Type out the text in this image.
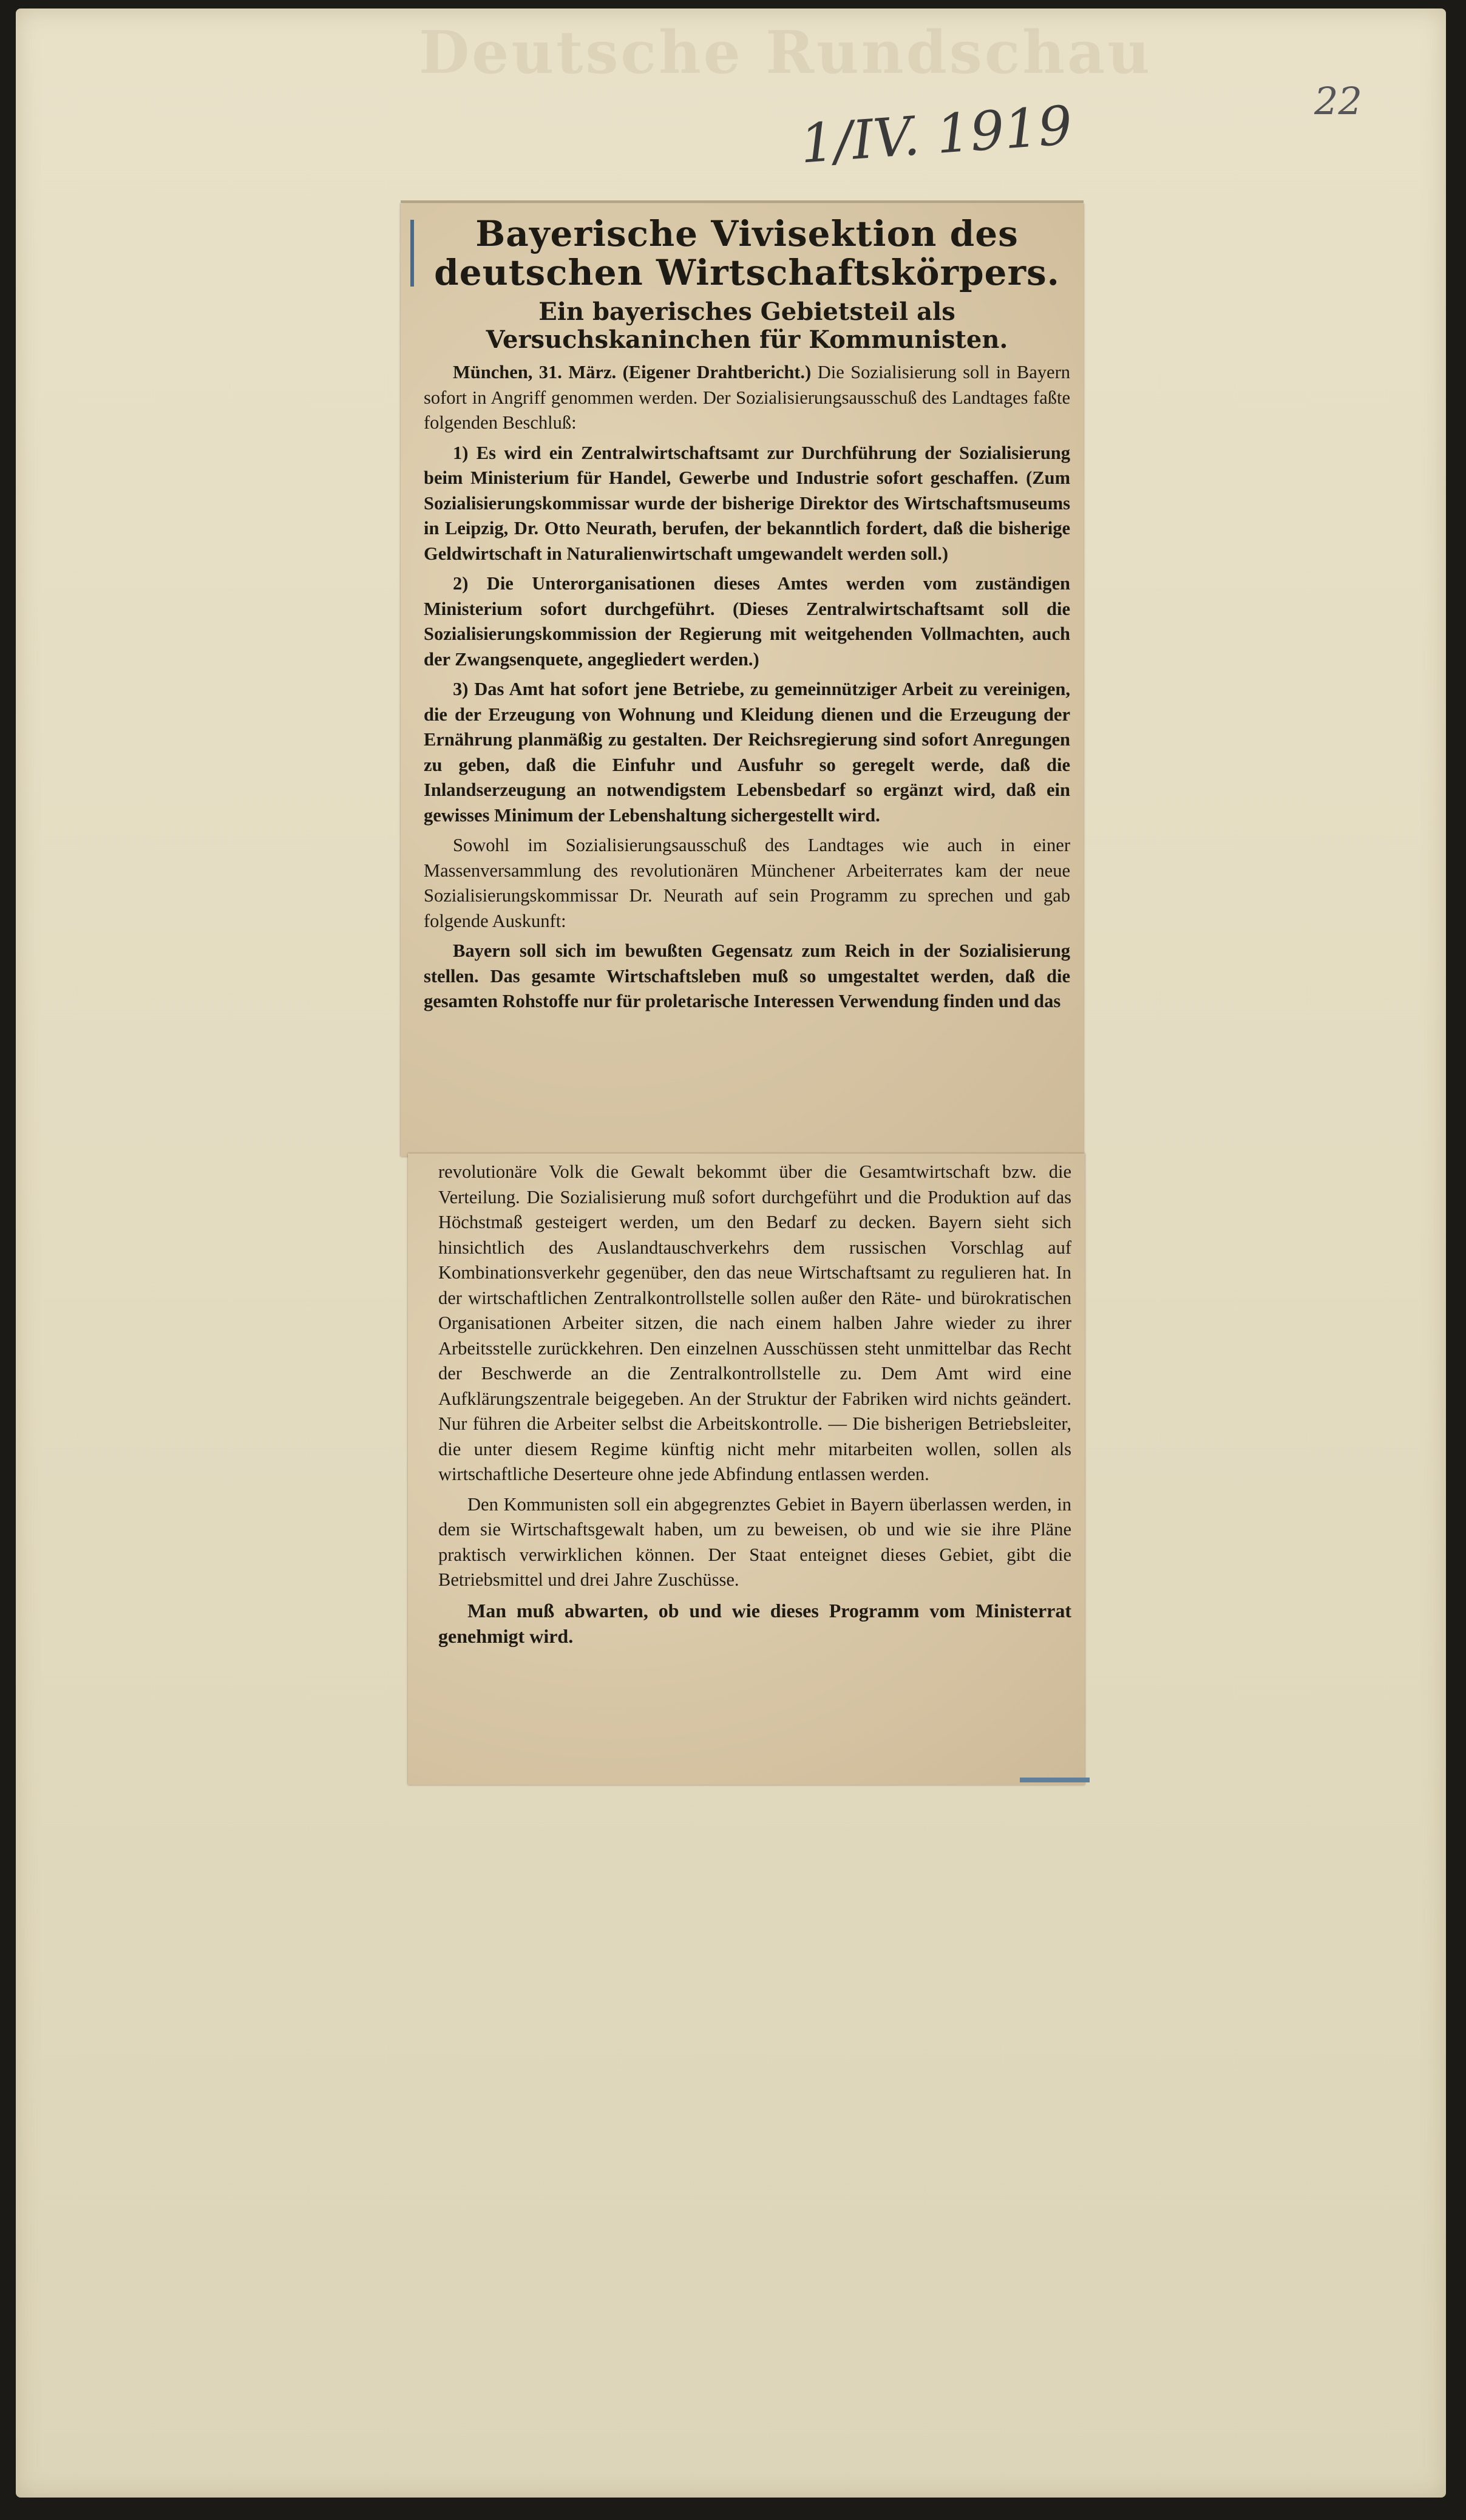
Deutsche Rundschau
1/IV. 1919	22
Bayerische Vivisektion des deutschen Wirtschaftskörpers.
Ein bayerisches Gebietsteil als Versuchskaninchen für Kommunisten.

München, 31. März. (Eigener Drahtbericht.) Die Sozialisierung soll in Bayern sofort in Angriff genommen werden. Der Sozialisierungsausschuß des Landtages faßte folgenden Beschluß:

1) Es wird ein Zentralwirtschaftsamt zur Durchführung der Sozialisierung beim Ministerium für Handel, Gewerbe und Industrie sofort geschaffen. (Zum Sozialisierungskommissar wurde der bisherige Direktor des Wirtschaftsmuseums in Leipzig, Dr. Otto Neurath, berufen, der bekanntlich fordert, daß die bisherige Geldwirtschaft in Naturalienwirtschaft umgewandelt werden soll.)

2) Die Unterorganisationen dieses Amtes werden vom zuständigen Ministerium sofort durchgeführt. (Dieses Zentralwirtschaftsamt soll die Sozialisierungskommission der Regierung mit weitgehenden Vollmachten, auch der Zwangsenquete, angegliedert werden.)

3) Das Amt hat sofort jene Betriebe, zu gemeinnütziger Arbeit zu vereinigen, die der Erzeugung von Wohnung und Kleidung dienen und die Erzeugung der Ernährung planmäßig zu gestalten. Der Reichsregierung sind sofort Anregungen zu geben, daß die Einfuhr und Ausfuhr so geregelt werde, daß die Inlandserzeugung an notwendigstem Lebensbedarf so ergänzt wird, daß ein gewisses Minimum der Lebenshaltung sichergestellt wird.

Sowohl im Sozialisierungsausschuß des Landtages wie auch in einer Massenversammlung des revolutionären Münchener Arbeiterrates kam der neue Sozialisierungskommissar Dr. Neurath auf sein Programm zu sprechen und gab folgende Auskunft:

Bayern soll sich im bewußten Gegensatz zum Reich in der Sozialisierung stellen. Das gesamte Wirtschaftsleben muß so umgestaltet werden, daß die gesamten Rohstoffe nur für proletarische Interessen Verwendung finden und das

revolutionäre Volk die Gewalt bekommt über die Gesamtwirtschaft bzw. die Verteilung. Die Sozialisierung muß sofort durchgeführt und die Produktion auf das Höchstmaß gesteigert werden, um den Bedarf zu decken. Bayern sieht sich hinsichtlich des Auslandtauschverkehrs dem russischen Vorschlag auf Kombinationsverkehr gegenüber, den das neue Wirtschaftsamt zu regulieren hat. In der wirtschaftlichen Zentralkontrollstelle sollen außer den Räte- und bürokratischen Organisationen Arbeiter sitzen, die nach einem halben Jahre wieder zu ihrer Arbeitsstelle zurückkehren. Den einzelnen Ausschüssen steht unmittelbar das Recht der Beschwerde an die Zentralkontrollstelle zu. Dem Amt wird eine Aufklärungszentrale beigegeben. An der Struktur der Fabriken wird nichts geändert. Nur führen die Arbeiter selbst die Arbeitskontrolle. — Die bisherigen Betriebsleiter, die unter diesem Regime künftig nicht mehr mitarbeiten wollen, sollen als wirtschaftliche Deserteure ohne jede Abfindung entlassen werden.

Den Kommunisten soll ein abgegrenztes Gebiet in Bayern überlassen werden, in dem sie Wirtschaftsgewalt haben, um zu beweisen, ob und wie sie ihre Pläne praktisch verwirklichen können. Der Staat enteignet dieses Gebiet, gibt die Betriebsmittel und drei Jahre Zuschüsse.

Man muß abwarten, ob und wie dieses Programm vom Ministerrat genehmigt wird.
